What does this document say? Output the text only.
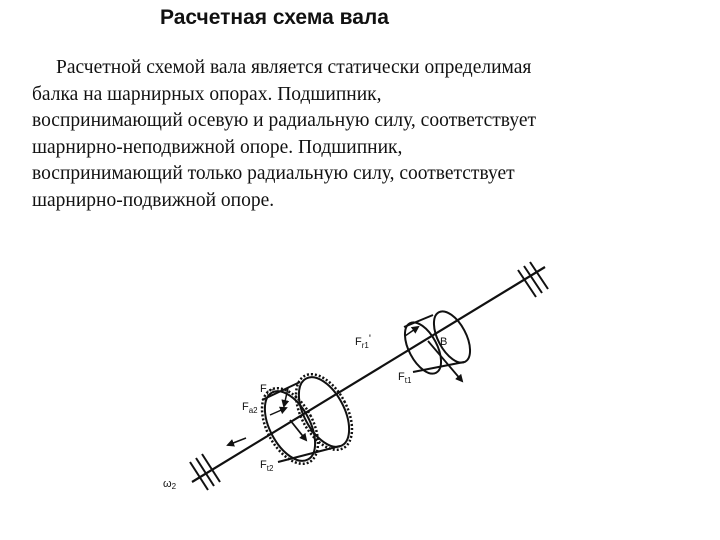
Расчетная схема вала

Расчетной схемой вала является статически определимая
балка на шарнирных опорах. Подшипник,
воспринимающий осевую и радиальную силу, соответствует
шарнирно-неподвижной опоре. Подшипник,
воспринимающий только радиальную силу, соответствует
шарнирно-подвижной опоре.

$F_{r1}'$	B
$F_{t1}$
$F_{r2}$
$F_{a2}$
$F_{t2}$
ω2
